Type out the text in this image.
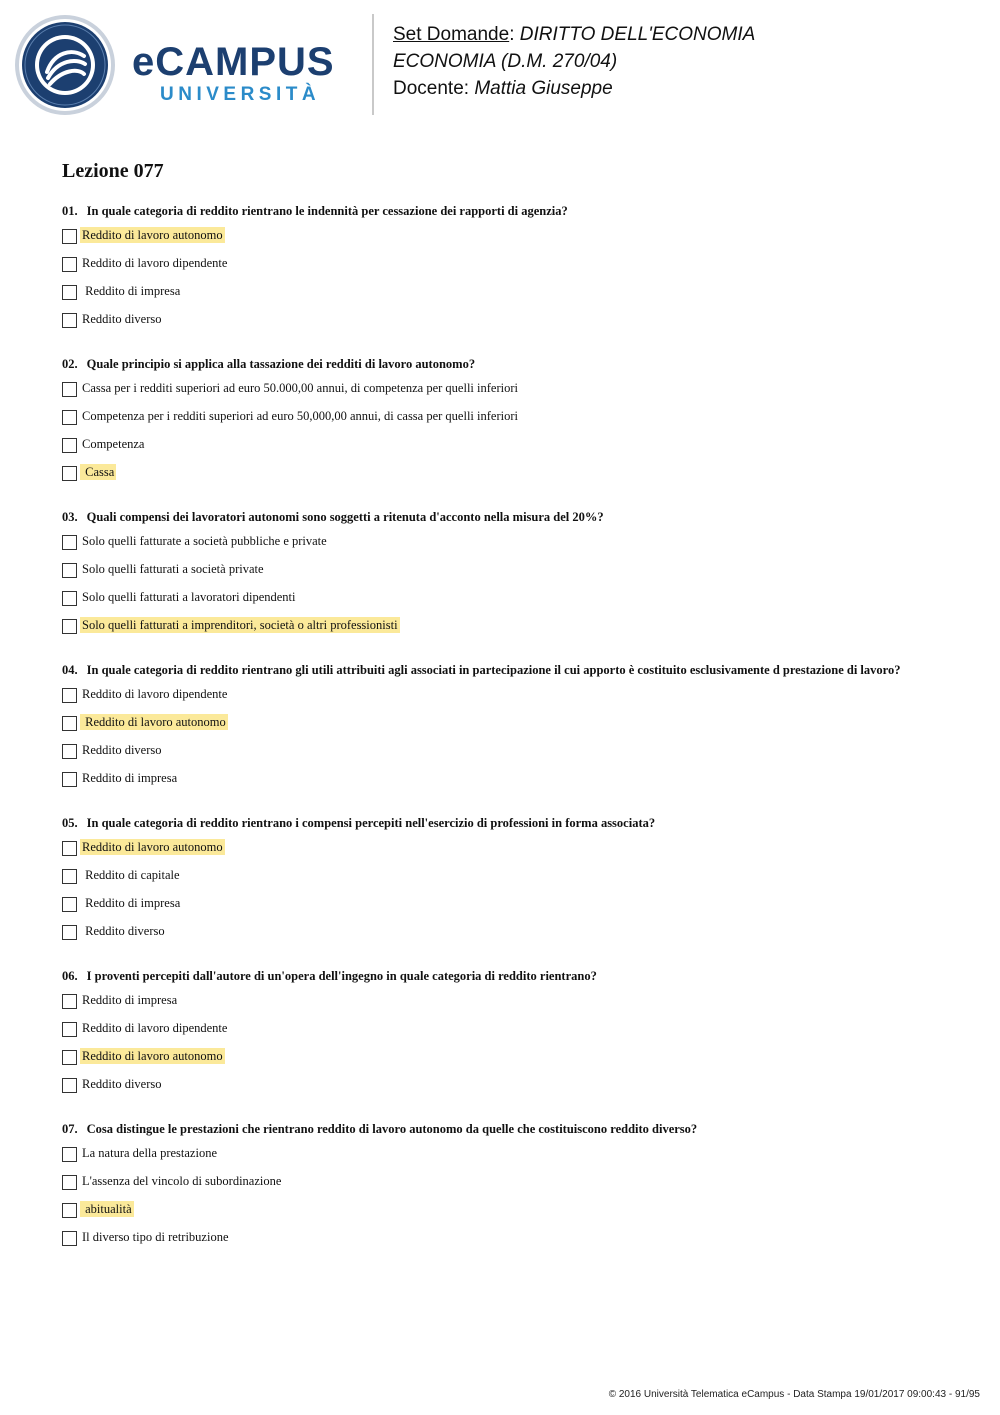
eCAMPUS
UNIVERSITÀ
Set Domande: DIRITTO DELL'ECONOMIA
ECONOMIA (D.M. 270/04)
Docente: Mattia Giuseppe
Lezione 077
01. In quale categoria di reddito rientrano le indennità per cessazione dei rapporti di agenzia?
Reddito di lavoro autonomo
Reddito di lavoro dipendente
Reddito di impresa
Reddito diverso
02. Quale principio si applica alla tassazione dei redditi di lavoro autonomo?
Cassa per i redditi superiori ad euro 50.000,00 annui, di competenza per quelli inferiori
Competenza per i redditi superiori ad euro 50,000,00 annui, di cassa per quelli inferiori
Competenza
Cassa
03. Quali compensi dei lavoratori autonomi sono soggetti a ritenuta d'acconto nella misura del 20%?
Solo quelli fatturate a società pubbliche e private
Solo quelli fatturati a società private
Solo quelli fatturati a lavoratori dipendenti
Solo quelli fatturati a imprenditori, società o altri professionisti
04. In quale categoria di reddito rientrano gli utili attribuiti agli associati in partecipazione il cui apporto è costituito esclusivamente d prestazione di lavoro?
Reddito di lavoro dipendente
Reddito di lavoro autonomo
Reddito diverso
Reddito di impresa
05. In quale categoria di reddito rientrano i compensi percepiti nell'esercizio di professioni in forma associata?
Reddito di lavoro autonomo
Reddito di capitale
Reddito di impresa
Reddito diverso
06. I proventi percepiti dall'autore di un'opera dell'ingegno in quale categoria di reddito rientrano?
Reddito di impresa
Reddito di lavoro dipendente
Reddito di lavoro autonomo
Reddito diverso
07. Cosa distingue le prestazioni che rientrano reddito di lavoro autonomo da quelle che costituiscono reddito diverso?
La natura della prestazione
L'assenza del vincolo di subordinazione
abitualità
Il diverso tipo di retribuzione
© 2016 Università Telematica eCampus - Data Stampa 19/01/2017 09:00:43 - 91/95
